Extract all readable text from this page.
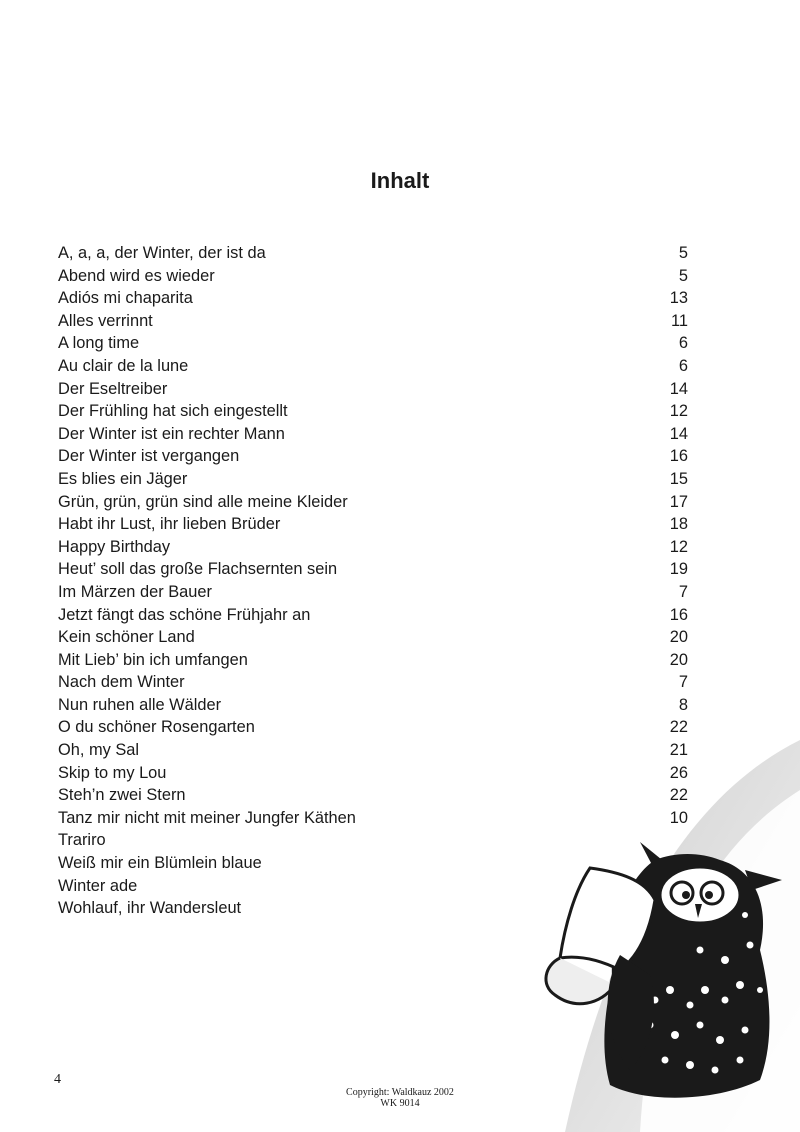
Inhalt
A, a, a, der Winter, der ist da	5
Abend wird es wieder	5
Adiós mi chaparita	13
Alles verrinnt	11
A long time	6
Au clair de la lune	6
Der Eseltreiber	14
Der Frühling hat sich eingestellt	12
Der Winter ist ein rechter Mann	14
Der Winter ist vergangen	16
Es blies ein Jäger	15
Grün, grün, grün sind alle meine Kleider	17
Habt ihr Lust, ihr lieben Brüder	18
Happy Birthday	12
Heut’ soll das große Flachsernten sein	19
Im Märzen der Bauer	7
Jetzt fängt das schöne Frühjahr an	16
Kein schöner Land	20
Mit Lieb’ bin ich umfangen	20
Nach dem Winter	7
Nun ruhen alle Wälder	8
O du schöner Rosengarten	22
Oh, my Sal	21
Skip to my Lou	26
Steh’n zwei Stern	22
Tanz mir nicht mit meiner Jungfer Käthen	10
Trariro
Weiß mir ein Blümlein blaue
Winter ade
Wohlauf, ihr Wandersleut
4
Copyright: Waldkauz 2002
WK 9014
